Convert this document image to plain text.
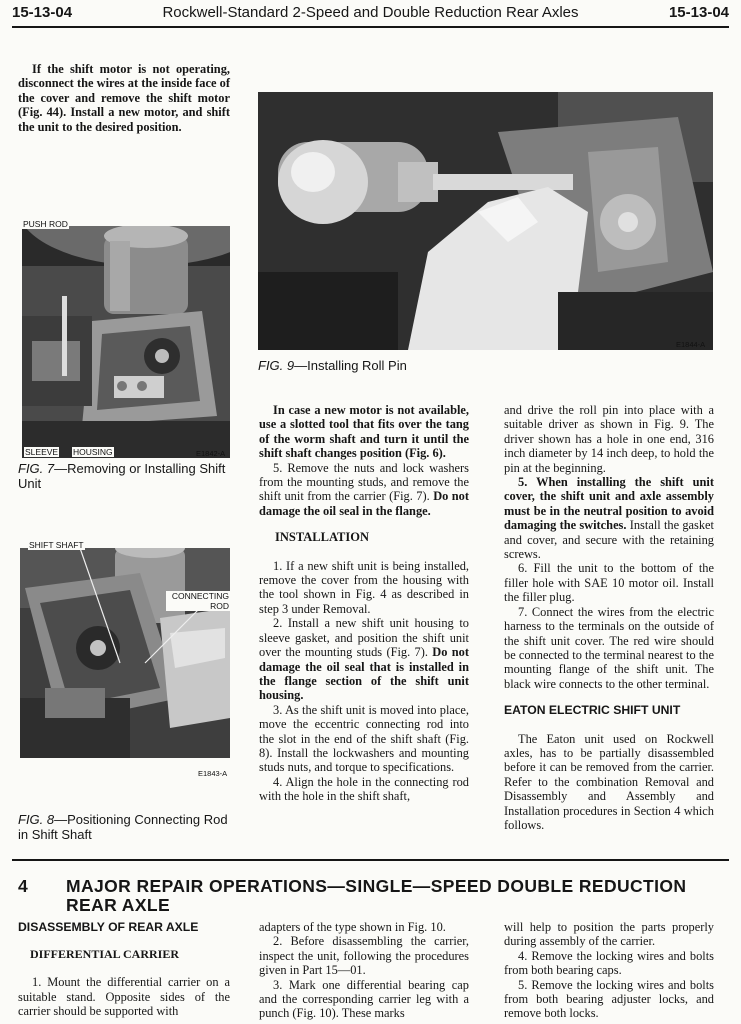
15-13-04	Rockwell-Standard 2-Speed and Double Reduction Rear Axles	15-13-04

If the shift motor is not operating, disconnect the wires at the inside face of the cover and remove the shift motor (Fig. 44). Install a new motor, and shift the unit to the desired position.

PUSH ROD
SLEEVE HOUSING	E1842-A
FIG. 7—Removing or Installing Shift Unit
SHIFT SHAFT
CONNECTING ROD
E1843-A
FIG. 8—Positioning Connecting Rod in Shift Shaft
E1844-A
FIG. 9—Installing Roll Pin

In case a new motor is not available, use a slotted tool that fits over the tang of the worm shaft and turn it until the shift shaft changes position (Fig. 6).

5. Remove the nuts and lock washers from the mounting studs, and remove the shift unit from the carrier (Fig. 7). Do not damage the oil seal in the flange.

INSTALLATION

1. If a new shift unit is being installed, remove the cover from the housing with the tool shown in Fig. 4 as described in step 3 under Removal.

2. Install a new shift unit housing to sleeve gasket, and position the shift unit over the mounting studs (Fig. 7). Do not damage the oil seal that is installed in the flange section of the shift unit housing.

3. As the shift unit is moved into place, move the eccentric connecting rod into the slot in the end of the shift shaft (Fig. 8). Install the lockwashers and mounting studs nuts, and torque to specifications.

4. Align the hole in the connecting rod with the hole in the shift shaft,

and drive the roll pin into place with a suitable driver as shown in Fig. 9. The driver shown has a hole in one end, 316 inch diameter by 14 inch deep, to hold the pin at the beginning.

5. When installing the shift unit cover, the shift unit and axle assembly must be in the neutral position to avoid damaging the switches. Install the gasket and cover, and secure with the retaining screws.

6. Fill the unit to the bottom of the filler hole with SAE 10 motor oil. Install the filler plug.

7. Connect the wires from the electric harness to the terminals on the outside of the shift unit cover. The red wire should be connected to the terminal nearest to the mounting flange of the shift unit. The black wire connects to the other terminal.

EATON ELECTRIC SHIFT UNIT

The Eaton unit used on Rockwell axles, has to be partially disassembled before it can be removed from the carrier. Refer to the combination Removal and Disassembly and Assembly and Installation procedures in Section 4 which follows.

4 MAJOR REPAIR OPERATIONS—SINGLE—SPEED DOUBLE REDUCTION
REAR AXLE
DISASSEMBLY OF REAR AXLE

DIFFERENTIAL CARRIER

1. Mount the differential carrier on a suitable stand. Opposite sides of the carrier should be supported with

adapters of the type shown in Fig. 10.

2. Before disassembling the carrier, inspect the unit, following the procedures given in Part 15—01.

3. Mark one differential bearing cap and the corresponding carrier leg with a punch (Fig. 10). These marks

will help to position the parts properly during assembly of the carrier.

4. Remove the locking wires and bolts from both bearing caps.

5. Remove the locking wires and bolts from both bearing adjuster locks, and remove both locks.
